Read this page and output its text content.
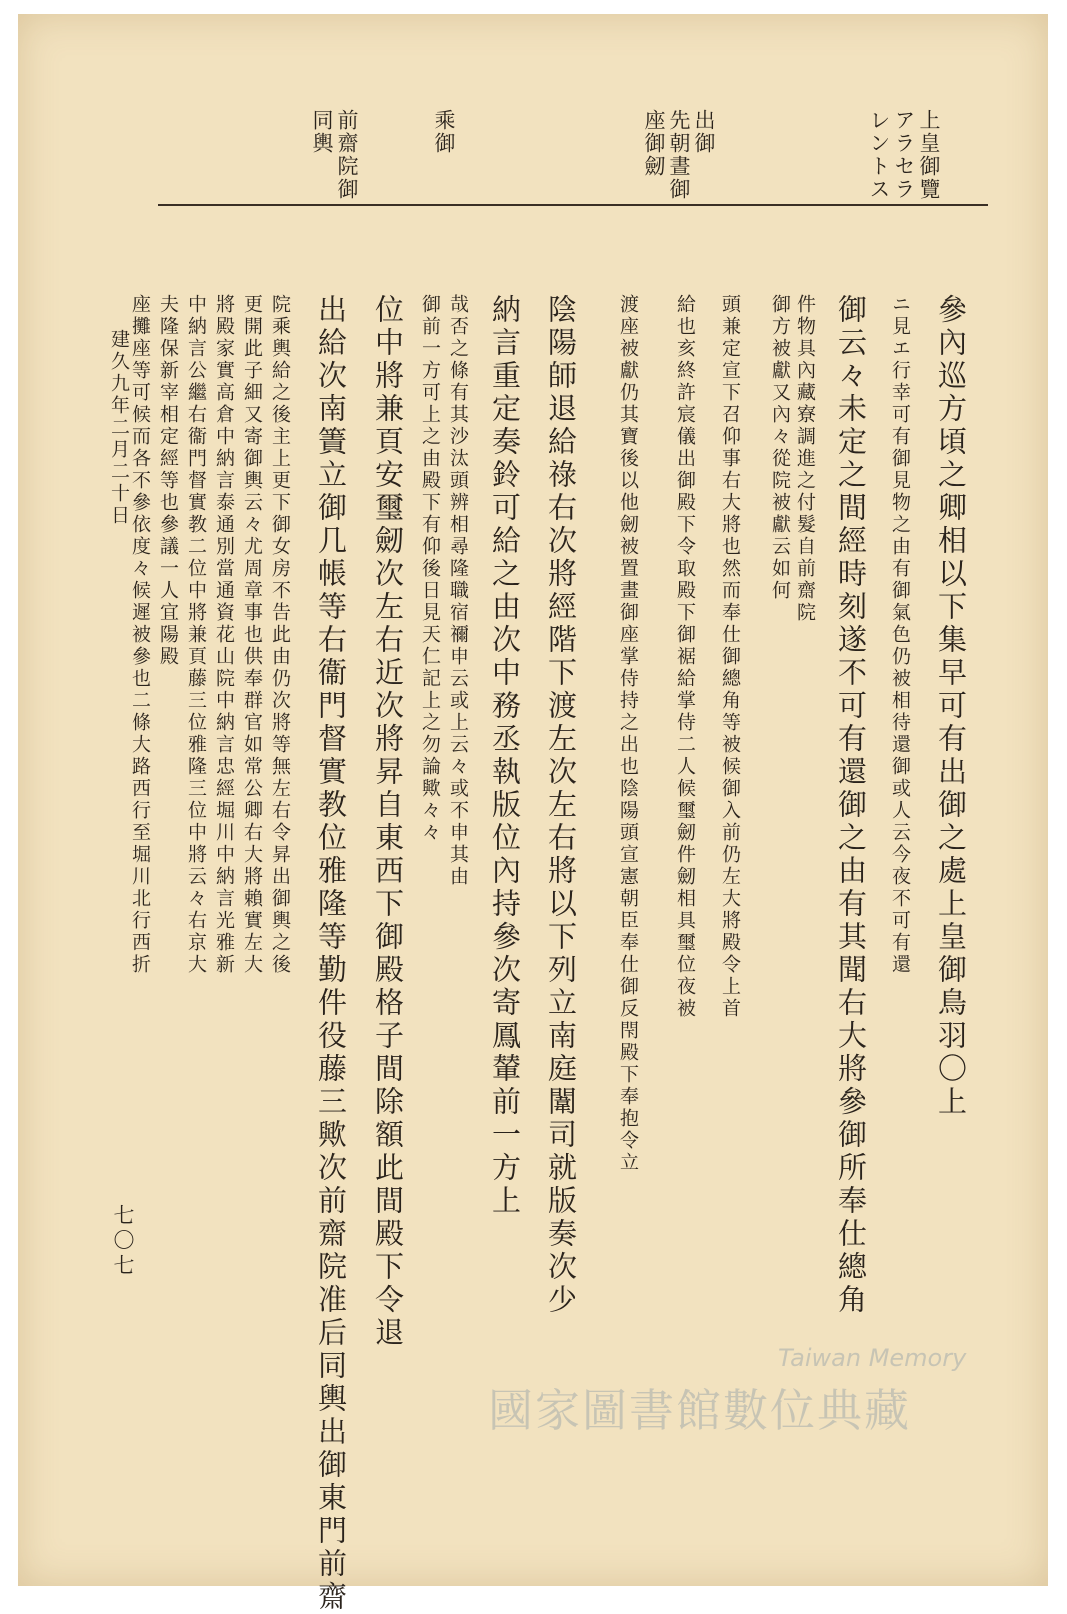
上皇御覽
アラセラ
レントス
出御
先朝晝御
座御劒
乘御
前齋院御
同輿
參內巡方頃之卿相以下集早可有出御之處上皇御鳥羽〇上
ニ見エ行幸可有御見物之由有御氣色仍被相待還御或人云今夜不可有還
御云々未定之間經時刻遂不可有還御之由有其聞右大將參御所奉仕總角
件物具內藏寮調進之付髮自前齋院
御方被獻又內々從院被獻云如何
頭兼定宣下召仰事右大將也然而奉仕御總角等被候御入前仍左大將殿令上首
給也亥終許宸儀出御殿下令取殿下御裾給掌侍二人候璽劒件劒相具璽位夜被
渡座被獻仍其寶後以他劒被置畫御座掌侍持之出也陰陽頭宣憲朝臣奉仕御反閇殿下奉抱令立
陰陽師退給祿右次將經階下渡左次左右將以下列立南庭闈司就版奏次少
納言重定奏鈴可給之由次中務丞執版位內持參次寄鳳輦前一方上
哉否之條有其沙汰頭辨相尋隆職宿禰申云或上云々或不申其由
御前一方可上之由殿下有仰後日見天仁記上之勿論歟々々
位中將兼頁安璽劒次左右近次將昇自東西下御殿格子間除額此間殿下令退
出給次南簀立御几帳等右衞門督實教位雅隆等勤件役藤三歟次前齋院准后同輿出御東門前齋
院乘輿給之後主上更下御女房不告此由仍次將等無左右令昇出御輿之後
更開此子細又寄御輿云々尤周章事也供奉群官如常公卿右大將賴實左大
將殿家實高倉中納言泰通別當通資花山院中納言忠經堀川中納言光雅新
中納言公繼右衞門督實教二位中將兼頁藤三位雅隆三位中將云々右京大
夫隆保新宰相定經等也參議一人宜陽殿
座攤座等可候而各不參依度々候遲被參也二條大路西行至堀川北行西折
建久九年二月二十日
七〇七
Taiwan Memory
國家圖書館數位典藏
